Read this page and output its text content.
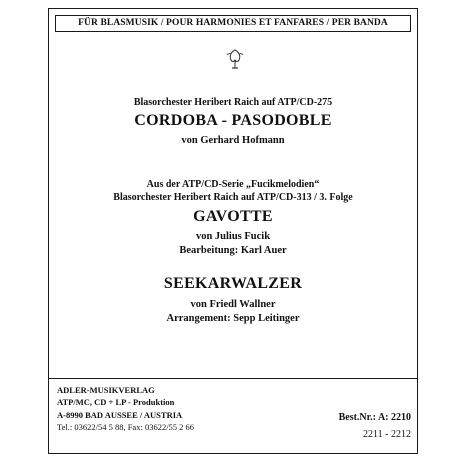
FÜR BLASMUSIK / POUR HARMONIES ET FANFARES / PER BANDA
Blasorchester Heribert Raich auf ATP/CD-275
CORDOBA - PASODOBLE
von Gerhard Hofmann
Aus der ATP/CD-Serie „Fucikmelodien“
Blasorchester Heribert Raich auf ATP/CD-313 / 3. Folge
GAVOTTE
von Julius Fucik
Bearbeitung: Karl Auer
SEEKARWALZER
von Friedl Wallner
Arrangement: Sepp Leitinger
ADLER-MUSIKVERLAG
ATP/MC, CD + LP - Produktion
A-8990 BAD AUSSEE / AUSTRIA
Tel.: 03622/54 5 88, Fax: 03622/55 2 66
Best.Nr.: A: 2210
2211 - 2212
